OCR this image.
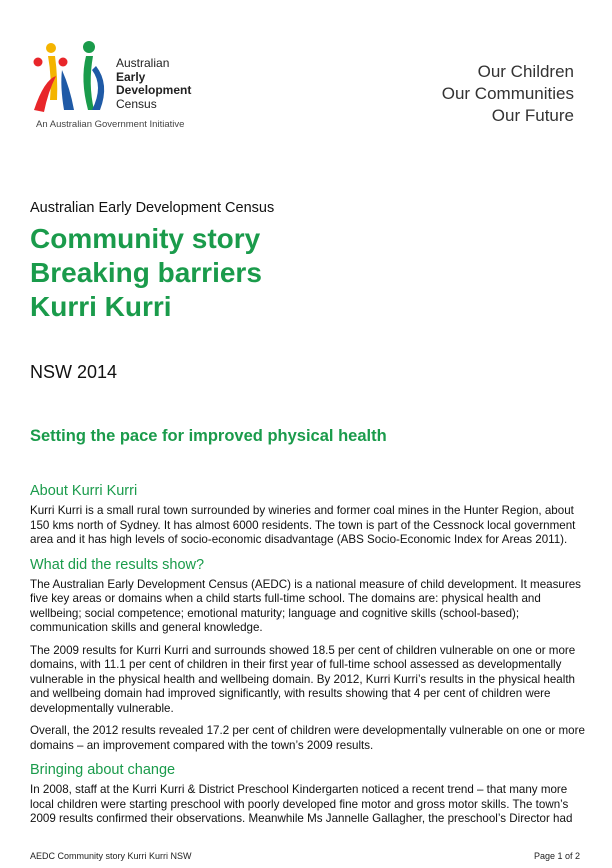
Australian
Early
Development
Census
An Australian Government Initiative
Our Children
Our Communities
Our Future
Australian Early Development Census
Community story
Breaking barriers
Kurri Kurri
NSW 2014
Setting the pace for improved physical health
About Kurri Kurri

Kurri Kurri is a small rural town surrounded by wineries and former coal mines in the Hunter Region, about 150 kms north of Sydney. It has almost 6000 residents. The town is part of the Cessnock local government area and it has high levels of socio-economic disadvantage (ABS Socio-Economic Index for Areas 2011).

What did the results show?

The Australian Early Development Census (AEDC) is a national measure of child development. It measures five key areas or domains when a child starts full-time school. The domains are: physical health and wellbeing; social competence; emotional maturity; language and cognitive skills (school-based); communication skills and general knowledge.

The 2009 results for Kurri Kurri and surrounds showed 18.5 per cent of children vulnerable on one or more domains, with 11.1 per cent of children in their first year of full-time school assessed as developmentally vulnerable in the physical health and wellbeing domain. By 2012, Kurri Kurri’s results in the physical health and wellbeing domain had improved significantly, with results showing that 4 per cent of children were developmentally vulnerable.

Overall, the 2012 results revealed 17.2 per cent of children were developmentally vulnerable on one or more domains – an improvement compared with the town’s 2009 results.

Bringing about change

In 2008, staff at the Kurri Kurri & District Preschool Kindergarten noticed a recent trend – that many more local children were starting preschool with poorly developed fine motor and gross motor skills. The town’s 2009 results confirmed their observations. Meanwhile Ms Jannelle Gallagher, the preschool’s Director had

AEDC Community story Kurri Kurri NSW	Page 1 of 2
